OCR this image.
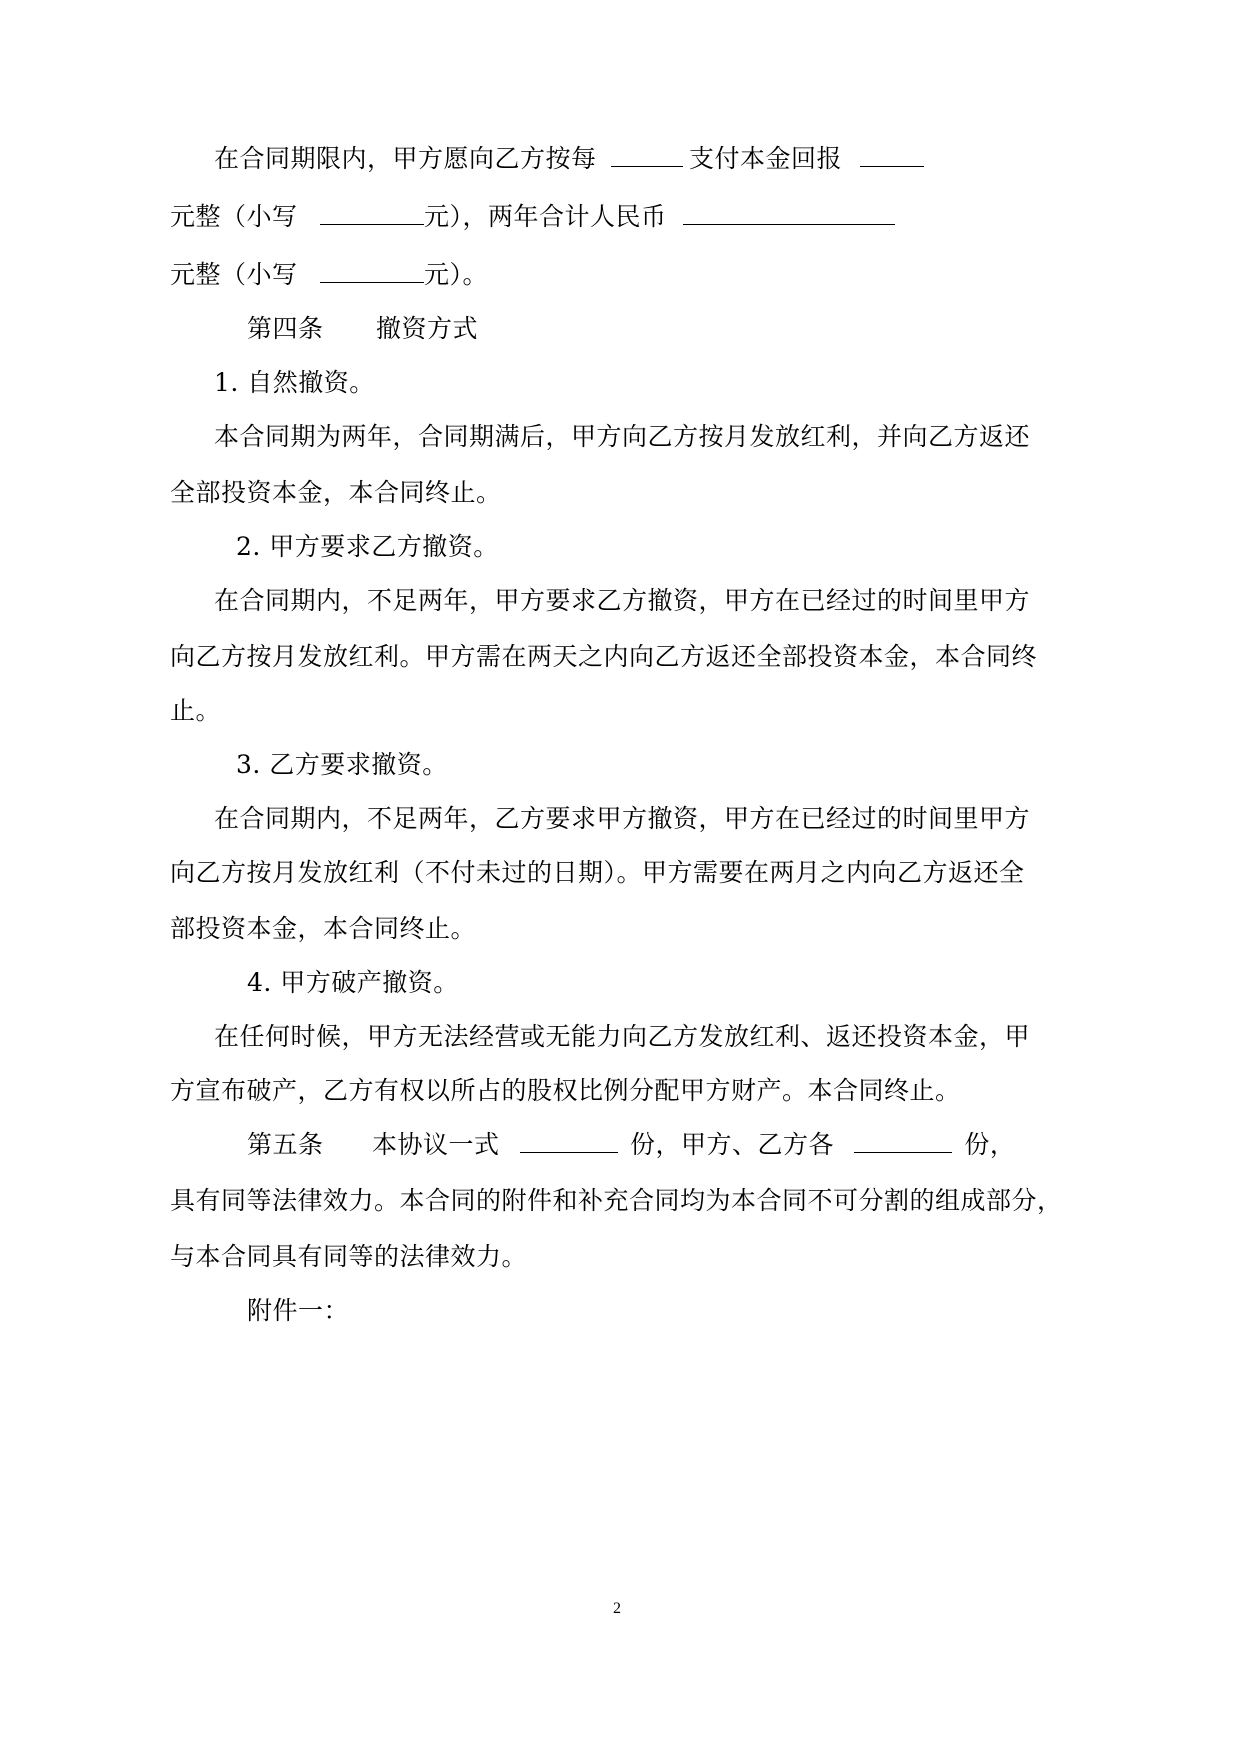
在合同期限内，甲方愿向乙方按每	支付本金回报
元整（小写	元），两年合计人民币
元整（小写	元）。
第四条 撤资方式
1. 自然撤资。
本合同期为两年，合同期满后，甲方向乙方按月发放红利，并向乙方返还
全部投资本金，本合同终止。
2. 甲方要求乙方撤资。
在合同期内，不足两年，甲方要求乙方撤资，甲方在已经过的时间里甲方
向乙方按月发放红利。甲方需在两天之内向乙方返还全部投资本金，本合同终
止。
3. 乙方要求撤资。
在合同期内，不足两年，乙方要求甲方撤资，甲方在已经过的时间里甲方
向乙方按月发放红利（不付未过的日期）。甲方需要在两月之内向乙方返还全
部投资本金，本合同终止。
4. 甲方破产撤资。
在任何时候，甲方无法经营或无能力向乙方发放红利、返还投资本金，甲
方宣布破产，乙方有权以所占的股权比例分配甲方财产。本合同终止。
第五条 本协议一式	份，甲方、乙方各	份，
具有同等法律效力。本合同的附件和补充合同均为本合同不可分割的组成部分，
与本合同具有同等的法律效力。
附件一：
2
